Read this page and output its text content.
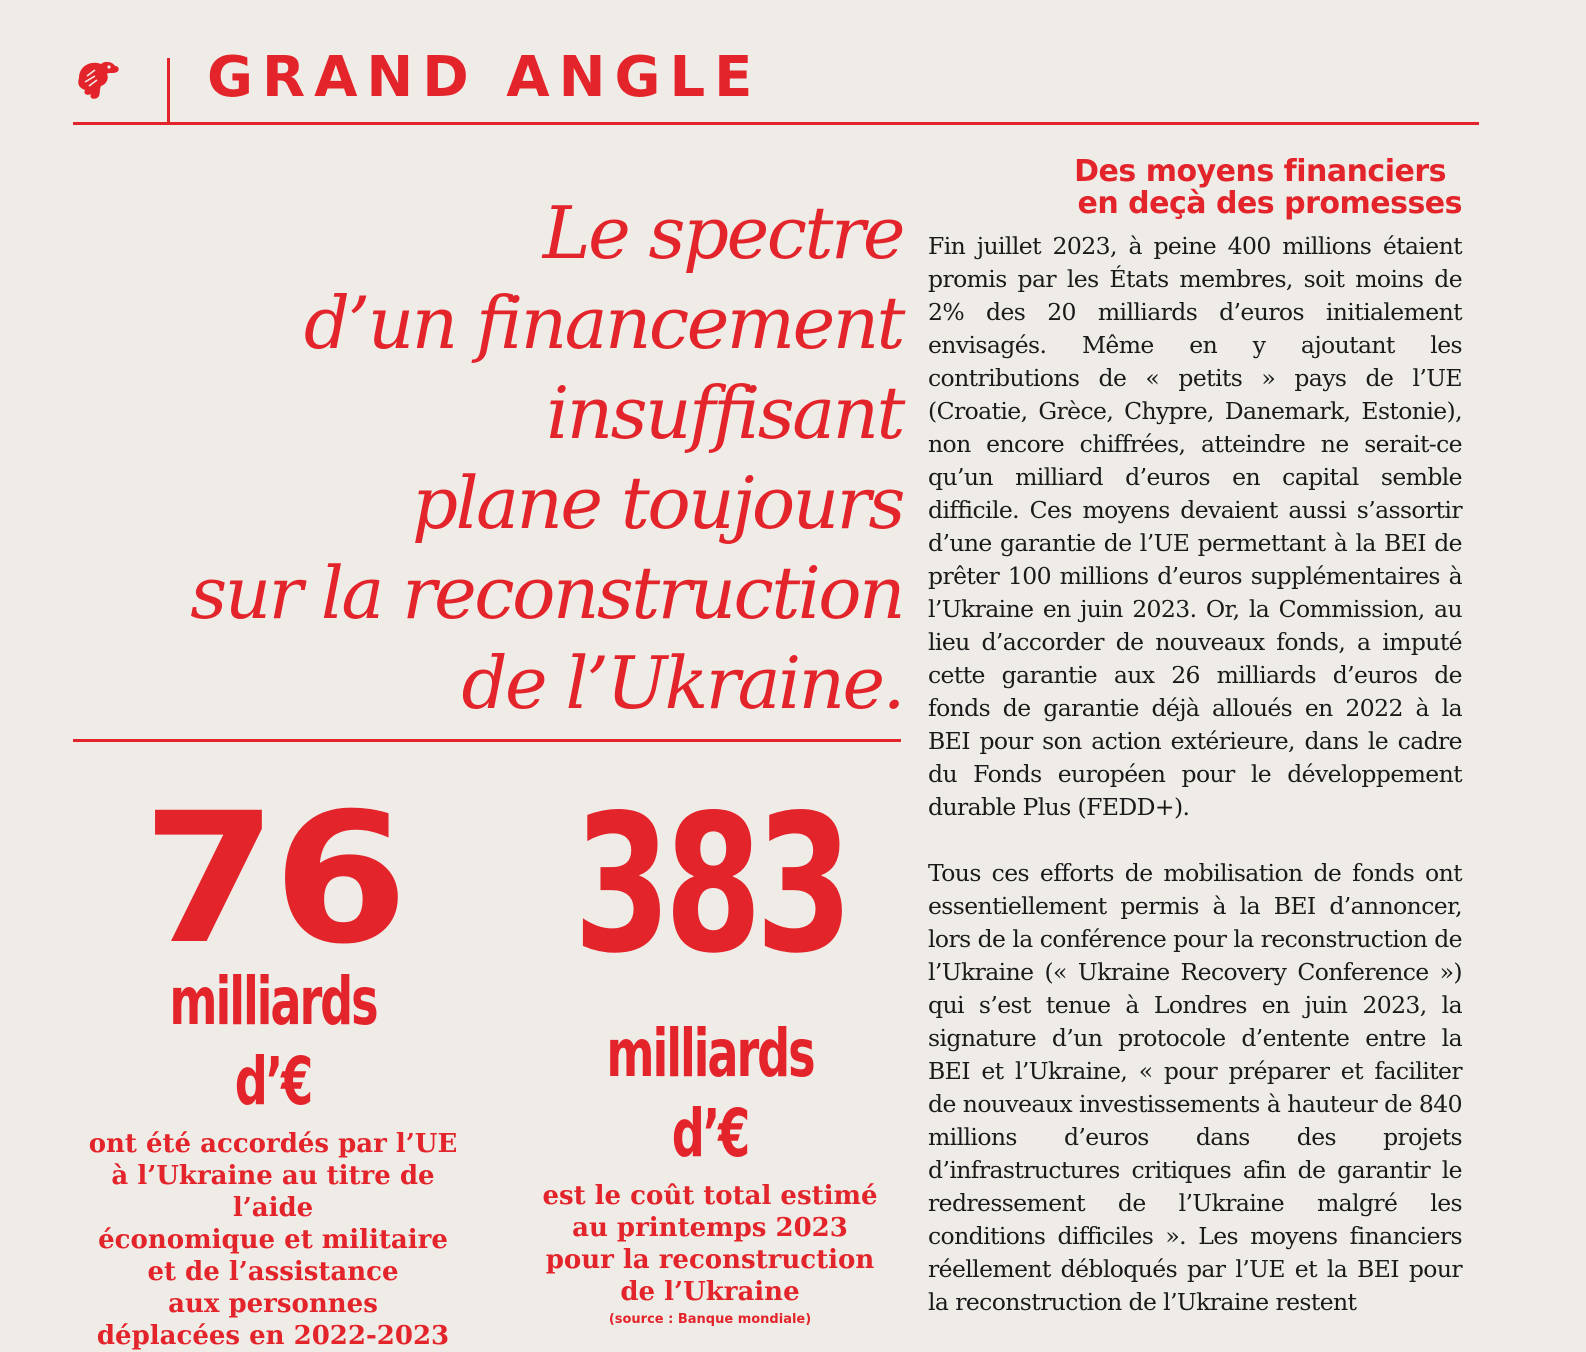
GRAND ANGLE
Le spectre
d’un financement
insuffisant
plane toujours
sur la reconstruction
de l’Ukraine.
76
milliards d’€
ont été accordés par l’UE
à l’Ukraine au titre de l’aide
économique et militaire
et de l’assistance
aux personnes
déplacées en 2022-2023
383
milliards d’€
est le coût total estimé
au printemps 2023
pour la reconstruction
de l’Ukraine
(source : Banque mondiale)
Des moyens financiers
en deçà des promesses

Fin juillet 2023, à peine 400 millions étaient promis par les États membres, soit moins de 2% des 20 milliards d’euros initialement envisagés. Même en y ajoutant les contributions de « petits » pays de l’UE (Croatie, Grèce, Chypre, Danemark, Estonie), non encore chiffrées, atteindre ne serait-ce qu’un milliard d’euros en capital semble difficile. Ces moyens devaient aussi s’assortir d’une garantie de l’UE permettant à la BEI de prêter 100 millions d’euros supplémentaires à l’Ukraine en juin 2023. Or, la Commission, au lieu d’accorder de nouveaux fonds, a imputé cette garantie aux 26 milliards d’euros de fonds de garantie déjà alloués en 2022 à la BEI pour son action extérieure, dans le cadre du Fonds européen pour le développement durable Plus (FEDD+).

Tous ces efforts de mobilisation de fonds ont essentiellement permis à la BEI d’annoncer, lors de la conférence pour la reconstruction de l’Ukraine (« Ukraine Recovery Conference ») qui s’est tenue à Londres en juin 2023, la signature d’un protocole d’entente entre la BEI et l’Ukraine, « pour préparer et faciliter de nouveaux investissements à hauteur de 840 millions d’euros dans des projets d’infrastructures critiques afin de garantir le redressement de l’Ukraine malgré les conditions difficiles ». Les moyens financiers réellement débloqués par l’UE et la BEI pour la reconstruction de l’Ukraine restent
